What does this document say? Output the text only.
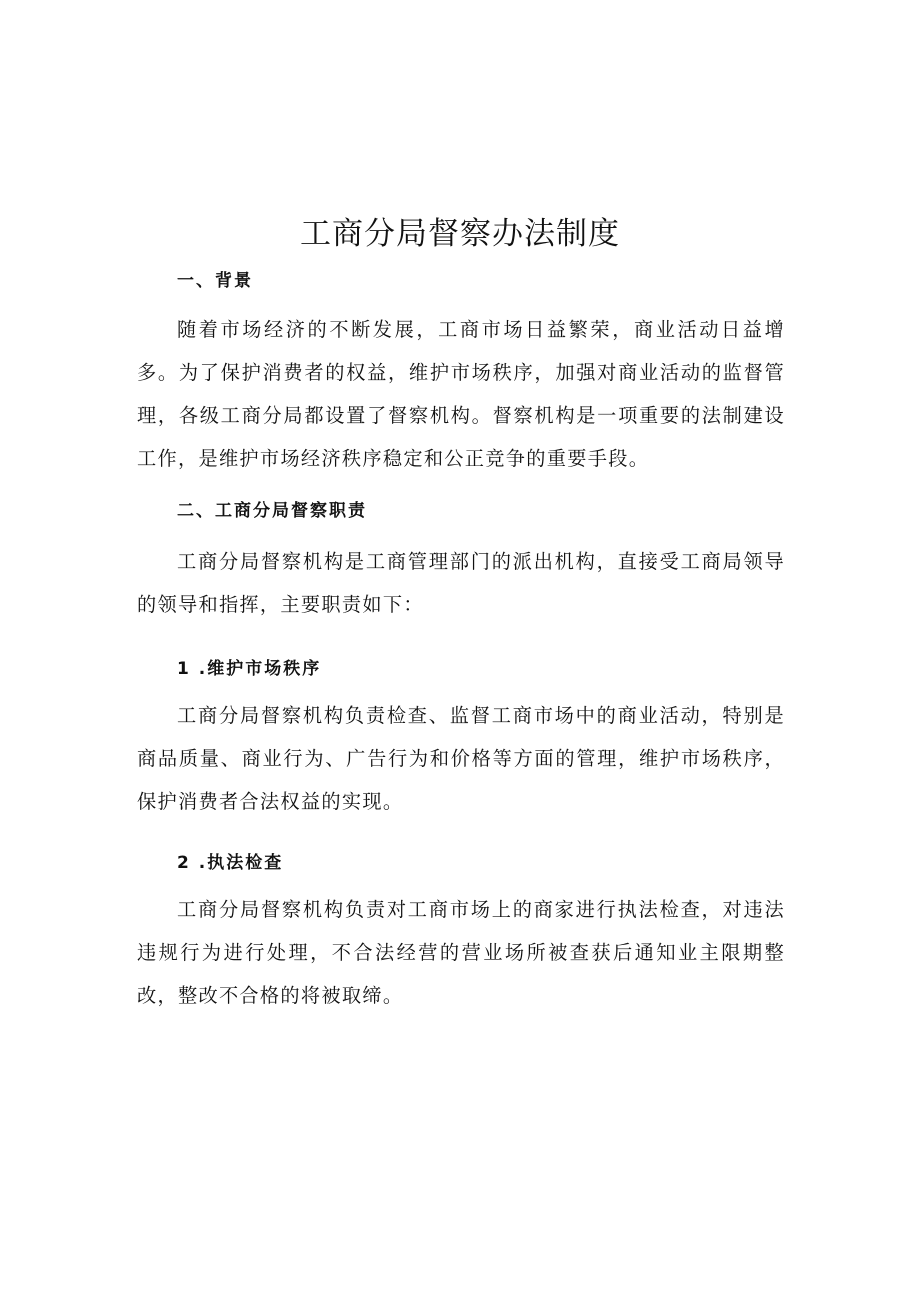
工商分局督察办法制度
一、背景

随着市场经济的不断发展，工商市场日益繁荣，商业活动日益增多。为了保护消费者的权益，维护市场秩序，加强对商业活动的监督管理，各级工商分局都设置了督察机构。督察机构是一项重要的法制建设工作，是维护市场经济秩序稳定和公正竞争的重要手段。

二、工商分局督察职责

工商分局督察机构是工商管理部门的派出机构，直接受工商局领导的领导和指挥，主要职责如下：

1 .维护市场秩序

工商分局督察机构负责检查、监督工商市场中的商业活动，特别是商品质量、商业行为、广告行为和价格等方面的管理，维护市场秩序，保护消费者合法权益的实现。

2 .执法检查

工商分局督察机构负责对工商市场上的商家进行执法检查，对违法违规行为进行处理，不合法经营的营业场所被查获后通知业主限期整改，整改不合格的将被取缔。
